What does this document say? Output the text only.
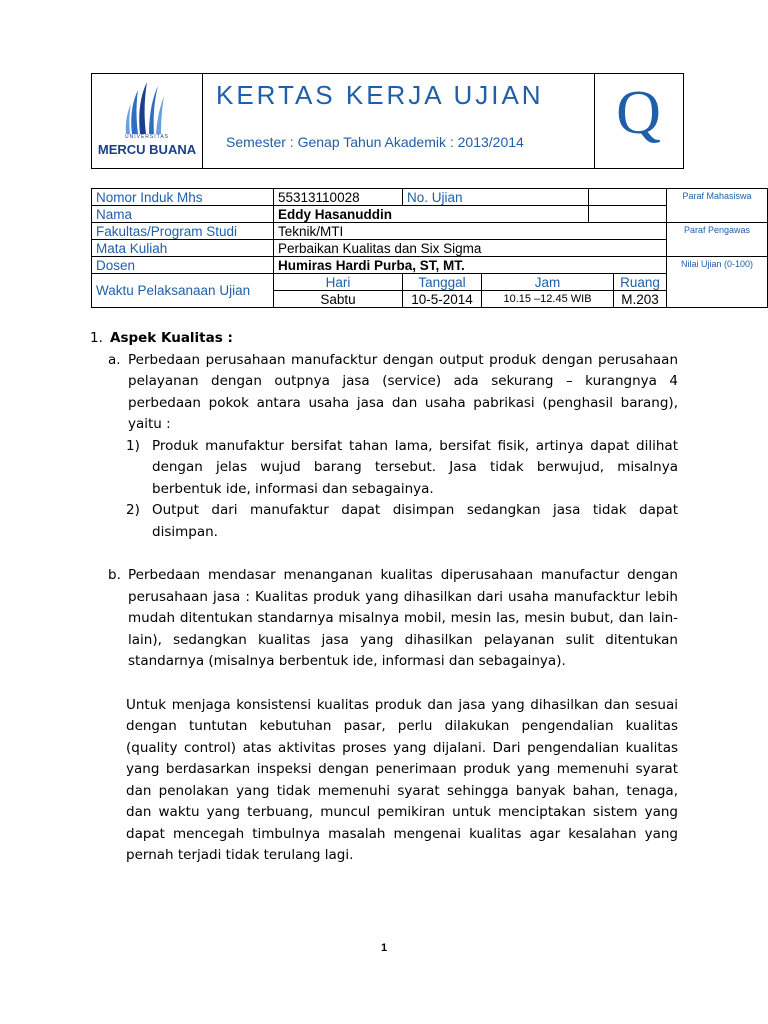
UNIVERSITAS
MERCU BUANA
KERTAS KERJA UJIAN
Semester : Genap Tahun Akademik : 2013/2014	Q
Nomor Induk Mhs	55313110028	No. Ujian				Paraf Mahasiswa
Nama	Eddy Hasanuddin					
Fakultas/Program Studi	Teknik/MTI					Paraf Pengawas
Mata Kuliah	Perbaikan Kualitas dan Six Sigma					
Dosen	Humiras Hardi Purba, ST, MT.					Nilai Ujian (0-100)
Waktu Pelaksanaan Ujian	Hari	Tanggal	Jam		Ruang	
	Sabtu	10-5-2014	10.15 –12.45 WIB		M.203	
1. Aspek Kualitas :
a. Perbedaan perusahaan manufacktur dengan output produk dengan perusahaan pelayanan dengan outpnya jasa (service) ada sekurang – kurangnya 4 perbedaan pokok antara usaha jasa dan usaha pabrikasi (penghasil barang), yaitu :

1) Produk manufaktur bersifat tahan lama, bersifat fisik, artinya dapat dilihat dengan jelas wujud barang tersebut. Jasa tidak berwujud, misalnya berbentuk ide, informasi dan sebagainya.

2) Output dari manufaktur dapat disimpan sedangkan jasa tidak dapat disimpan.

b. Perbedaan mendasar menanganan kualitas diperusahaan manufactur dengan perusahaan jasa : Kualitas produk yang dihasilkan dari usaha manufacktur lebih mudah ditentukan standarnya misalnya mobil, mesin las, mesin bubut, dan lain-lain), sedangkan kualitas jasa yang dihasilkan pelayanan sulit ditentukan standarnya (misalnya berbentuk ide, informasi dan sebagainya).

Untuk menjaga konsistensi kualitas produk dan jasa yang dihasilkan dan sesuai dengan tuntutan kebutuhan pasar, perlu dilakukan pengendalian kualitas (quality control) atas aktivitas proses yang dijalani. Dari pengendalian kualitas yang berdasarkan inspeksi dengan penerimaan produk yang memenuhi syarat dan penolakan yang tidak memenuhi syarat sehingga banyak bahan, tenaga, dan waktu yang terbuang, muncul pemikiran untuk menciptakan sistem yang dapat mencegah timbulnya masalah mengenai kualitas agar kesalahan yang pernah terjadi tidak terulang lagi.

1
